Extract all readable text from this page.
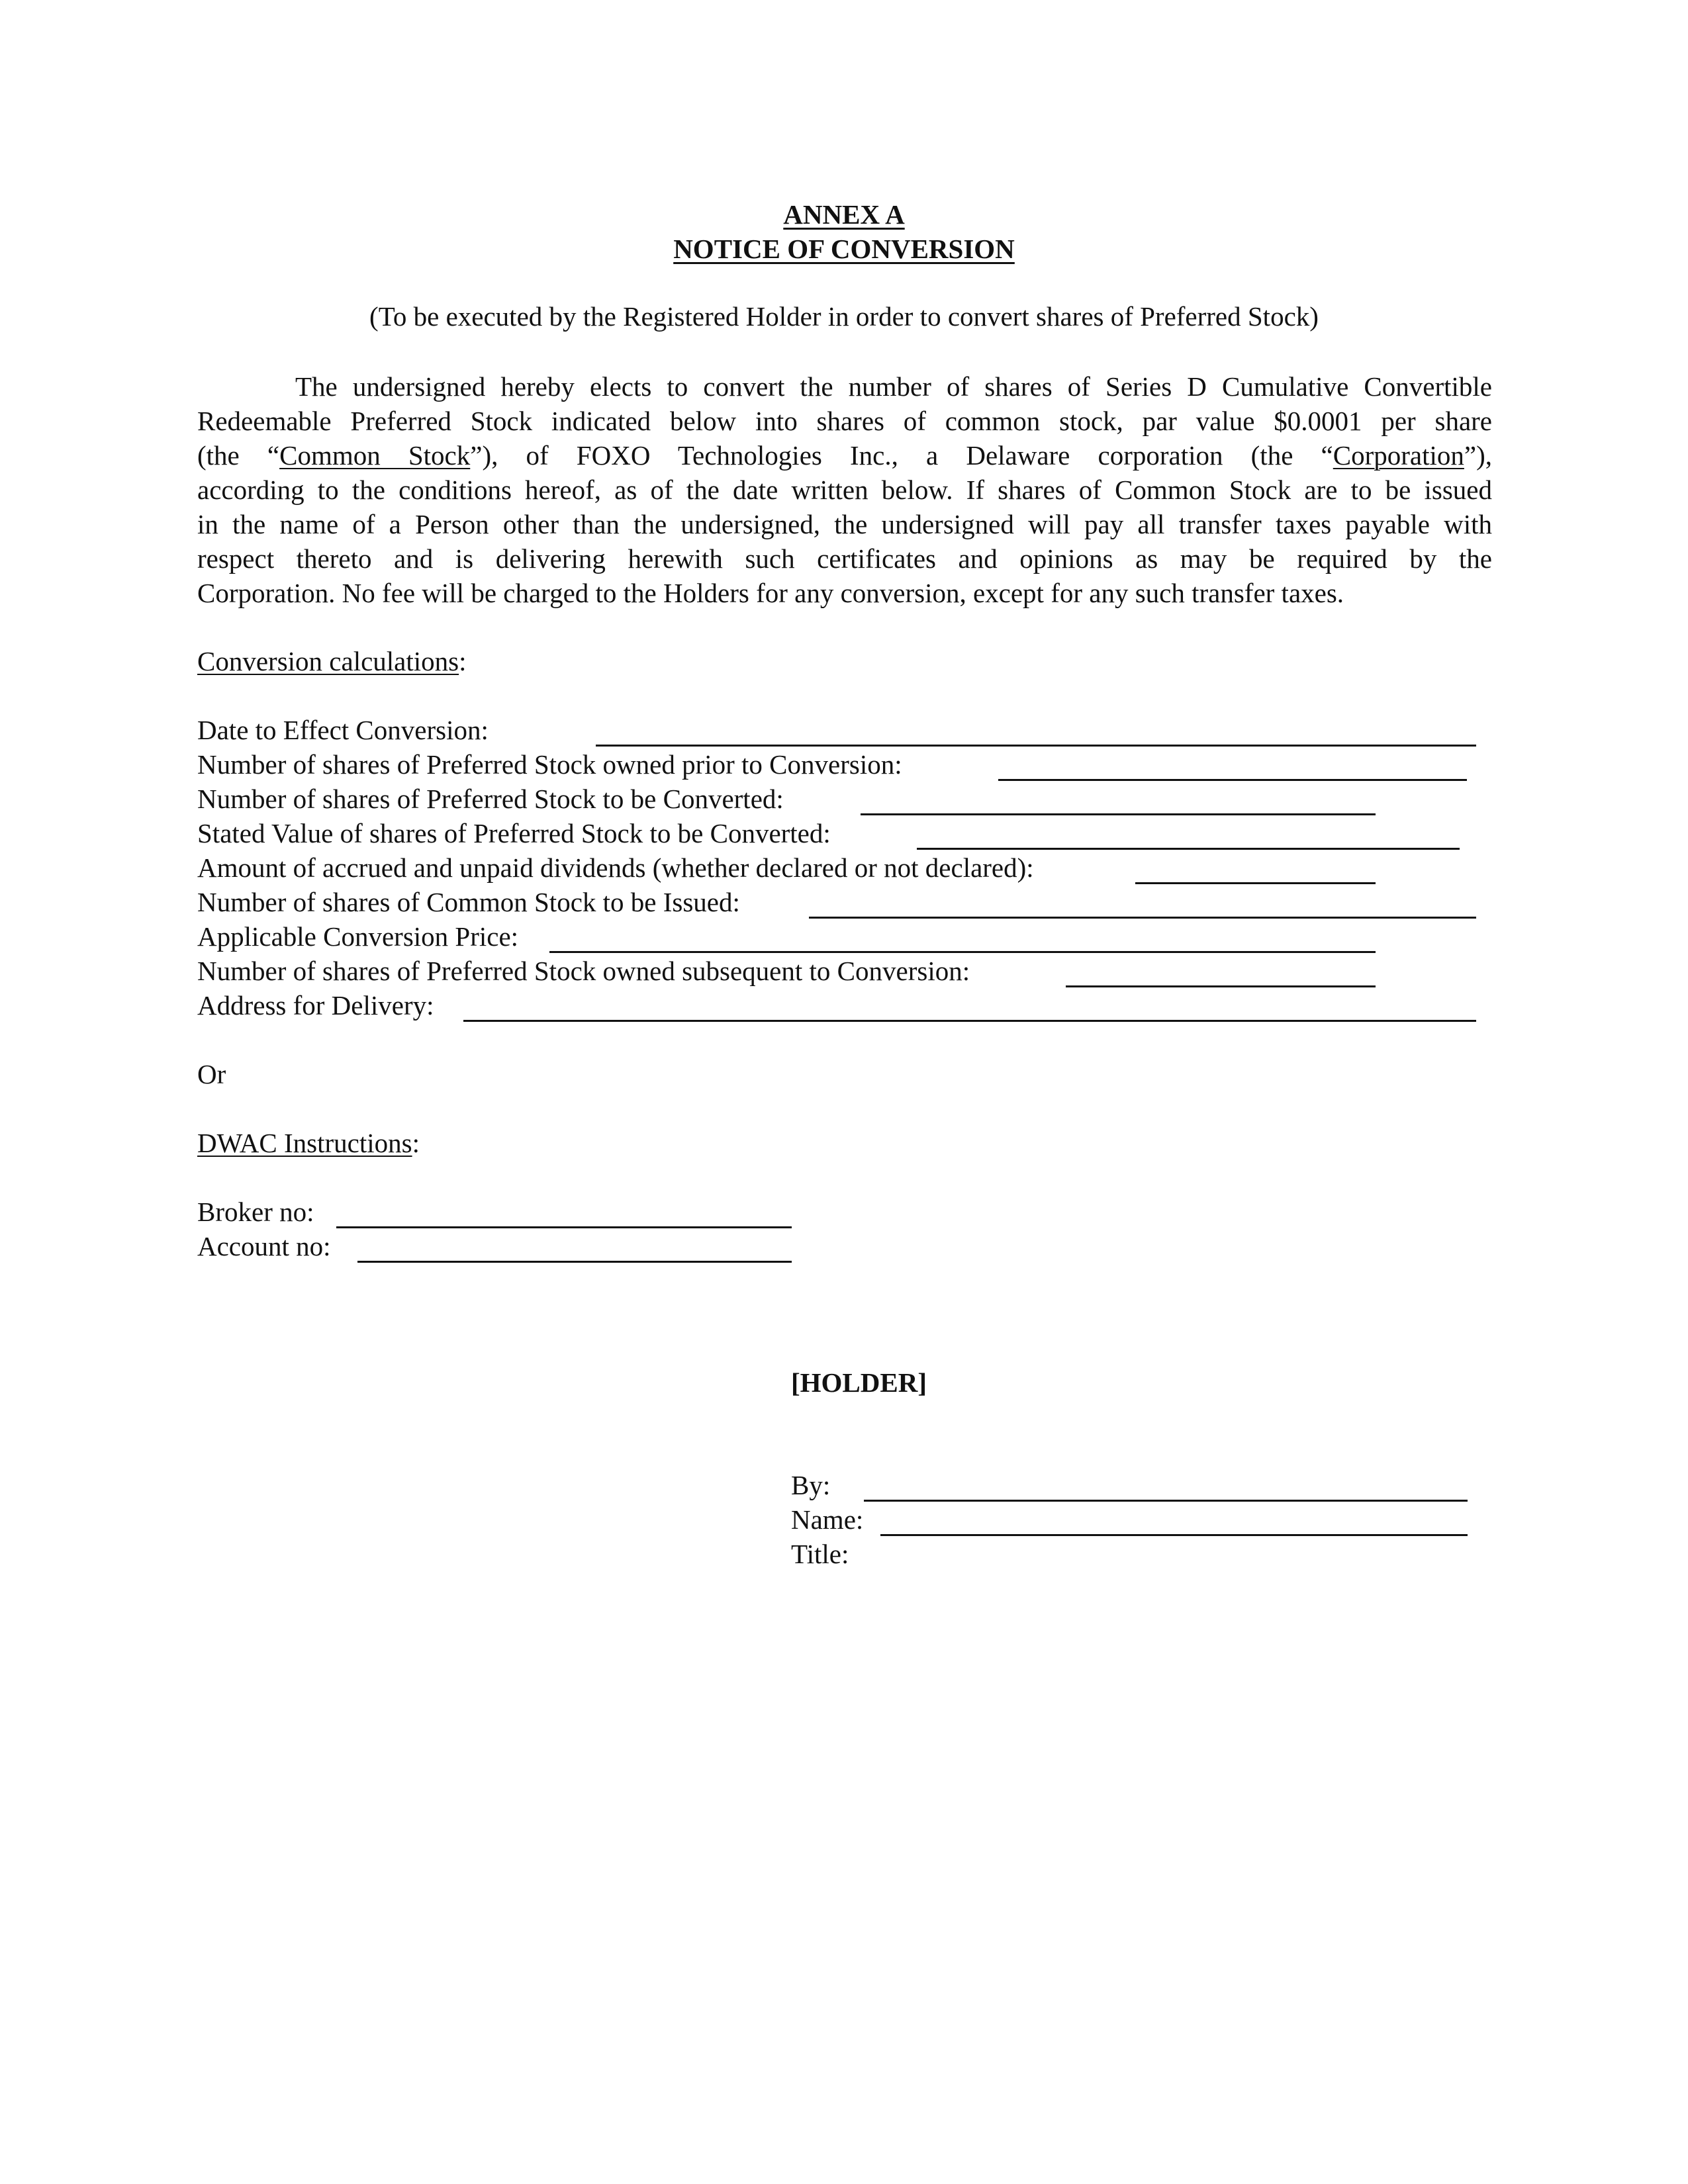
ANNEX A
NOTICE OF CONVERSION
(To be executed by the Registered Holder in order to convert shares of Preferred Stock)
The undersigned hereby elects to convert the number of shares of Series D Cumulative Convertible
Redeemable Preferred Stock indicated below into shares of common stock, par value $0.0001 per share
(the “Common Stock”), of FOXO Technologies Inc., a Delaware corporation (the “Corporation”),
according to the conditions hereof, as of the date written below. If shares of Common Stock are to be issued
in the name of a Person other than the undersigned, the undersigned will pay all transfer taxes payable with
respect thereto and is delivering herewith such certificates and opinions as may be required by the
Corporation. No fee will be charged to the Holders for any conversion, except for any such transfer taxes.
Conversion calculations:
Date to Effect Conversion:
Number of shares of Preferred Stock owned prior to Conversion:
Number of shares of Preferred Stock to be Converted:
Stated Value of shares of Preferred Stock to be Converted:
Amount of accrued and unpaid dividends (whether declared or not declared):
Number of shares of Common Stock to be Issued:
Applicable Conversion Price:
Number of shares of Preferred Stock owned subsequent to Conversion:
Address for Delivery:
Or
DWAC Instructions:
Broker no:
Account no:
[HOLDER]
By:
Name:
Title:
